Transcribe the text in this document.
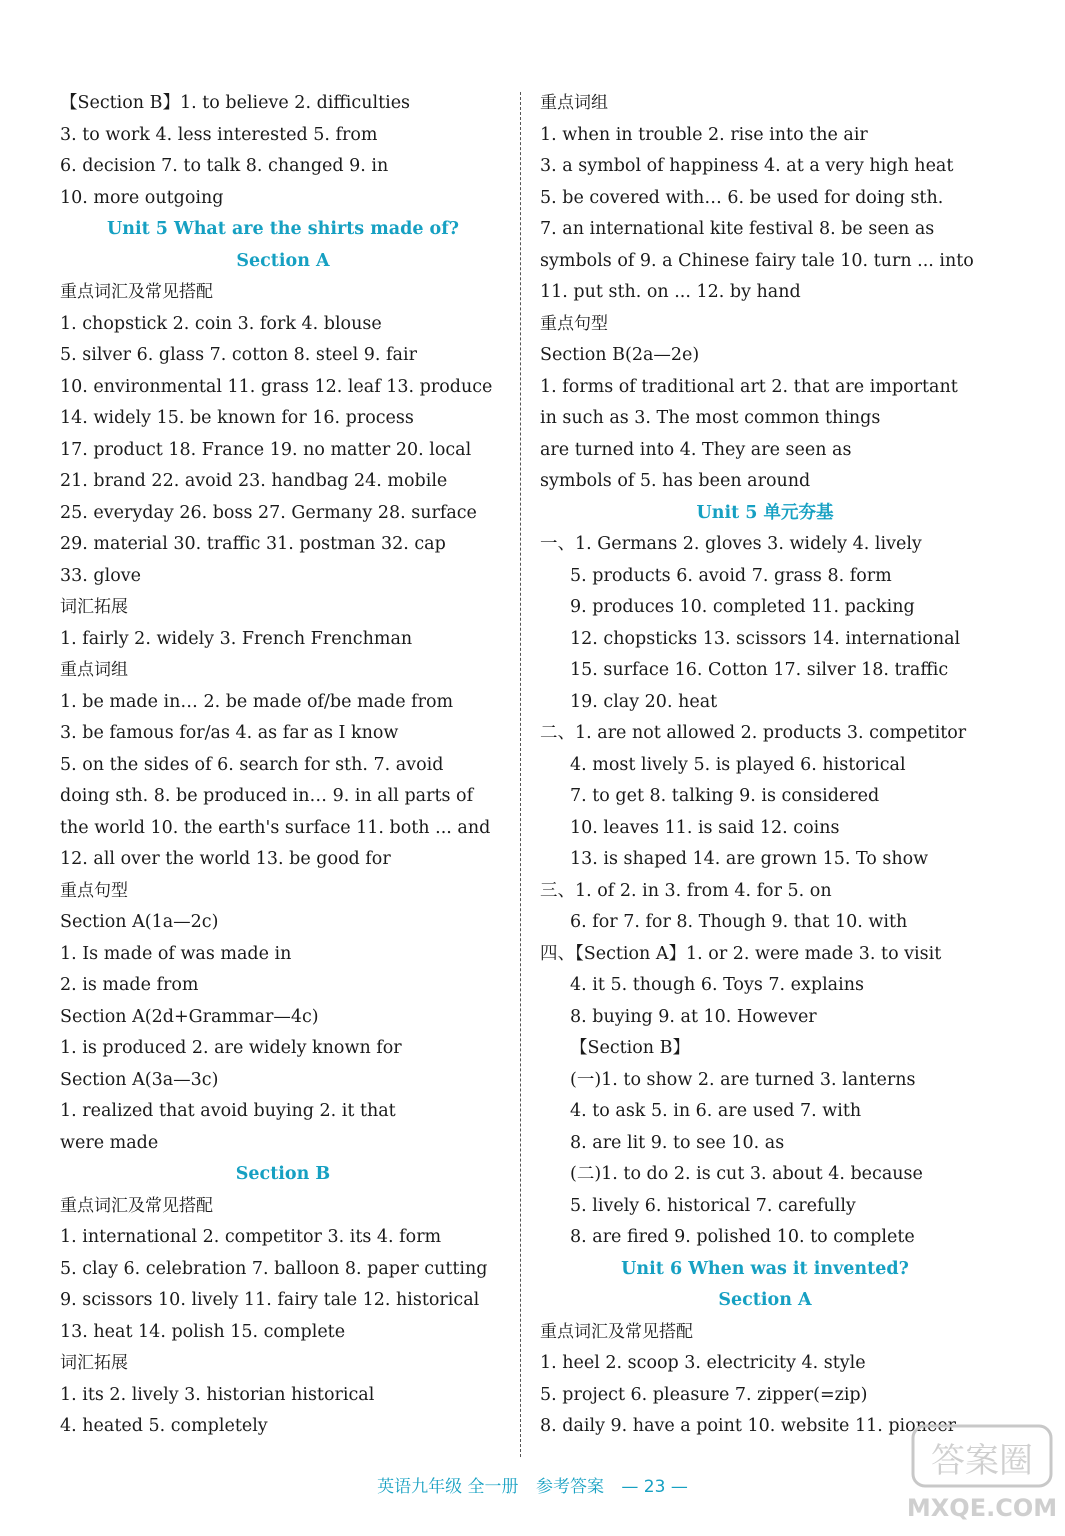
【Section B】1. to believe 2. difficulties
3. to work 4. less interested 5. from
6. decision 7. to talk 8. changed 9. in
10. more outgoing
Unit 5 What are the shirts made of?
Section A
重点词汇及常见搭配
1. chopstick 2. coin 3. fork 4. blouse
5. silver 6. glass 7. cotton 8. steel 9. fair
10. environmental 11. grass 12. leaf 13. produce
14. widely 15. be known for 16. process
17. product 18. France 19. no matter 20. local
21. brand 22. avoid 23. handbag 24. mobile
25. everyday 26. boss 27. Germany 28. surface
29. material 30. traffic 31. postman 32. cap
33. glove
词汇拓展
1. fairly 2. widely 3. French Frenchman
重点词组
1. be made in… 2. be made of/be made from
3. be famous for/as 4. as far as I know
5. on the sides of 6. search for sth. 7. avoid
doing sth. 8. be produced in… 9. in all parts of
the world 10. the earth's surface 11. both ... and
12. all over the world 13. be good for
重点句型
Section A(1a—2c)
1. Is made of was made in
2. is made from
Section A(2d+Grammar—4c)
1. is produced 2. are widely known for
Section A(3a—3c)
1. realized that avoid buying 2. it that
were made
Section B
重点词汇及常见搭配
1. international 2. competitor 3. its 4. form
5. clay 6. celebration 7. balloon 8. paper cutting
9. scissors 10. lively 11. fairy tale 12. historical
13. heat 14. polish 15. complete
词汇拓展
1. its 2. lively 3. historian historical
4. heated 5. completely
重点词组
1. when in trouble 2. rise into the air
3. a symbol of happiness 4. at a very high heat
5. be covered with… 6. be used for doing sth.
7. an international kite festival 8. be seen as
symbols of 9. a Chinese fairy tale 10. turn ... into
11. put sth. on ... 12. by hand
重点句型
Section B(2a—2e)
1. forms of traditional art 2. that are important
in such as 3. The most common things
are turned into 4. They are seen as
symbols of 5. has been around
Unit 5 单元夯基
一、1. Germans 2. gloves 3. widely 4. lively
5. products 6. avoid 7. grass 8. form
9. produces 10. completed 11. packing
12. chopsticks 13. scissors 14. international
15. surface 16. Cotton 17. silver 18. traffic
19. clay 20. heat
二、1. are not allowed 2. products 3. competitor
4. most lively 5. is played 6. historical
7. to get 8. talking 9. is considered
10. leaves 11. is said 12. coins
13. is shaped 14. are grown 15. To show
三、1. of 2. in 3. from 4. for 5. on
6. for 7. for 8. Though 9. that 10. with
四、【Section A】1. or 2. were made 3. to visit
4. it 5. though 6. Toys 7. explains
8. buying 9. at 10. However
【Section B】
(一)1. to show 2. are turned 3. lanterns
4. to ask 5. in 6. are used 7. with
8. are lit 9. to see 10. as
(二)1. to do 2. is cut 3. about 4. because
5. lively 6. historical 7. carefully
8. are fired 9. polished 10. to complete
Unit 6 When was it invented?
Section A
重点词汇及常见搭配
1. heel 2. scoop 3. electricity 4. style
5. project 6. pleasure 7. zipper(=zip)
8. daily 9. have a point 10. website 11. pioneer
英语九年级 全一册 参考答案 — 23 —
答案圈
MXQE.COM
